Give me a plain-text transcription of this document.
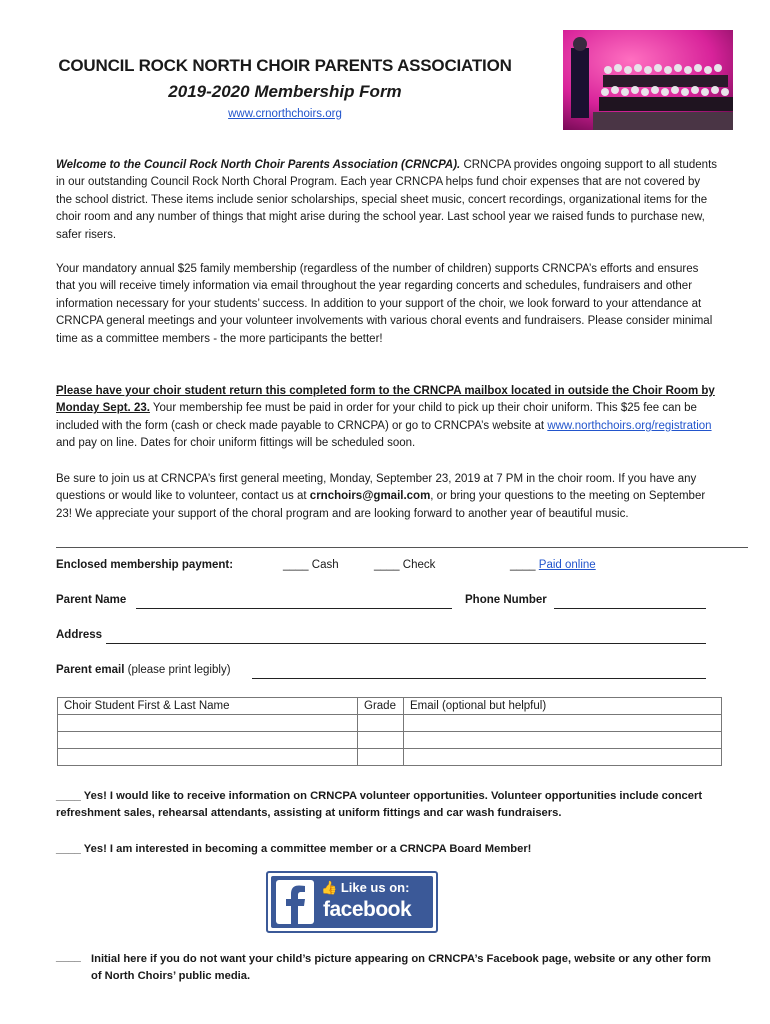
COUNCIL ROCK NORTH CHOIR PARENTS ASSOCIATION
2019-2020 Membership Form
www.crnorthchoirs.org
Welcome to the Council Rock North Choir Parents Association (CRNCPA). CRNCPA provides ongoing support to all students in our outstanding Council Rock North Choral Program. Each year CRNCPA helps fund choir expenses that are not covered by the school district. These items include senior scholarships, special sheet music, concert recordings, organizational items for the choir room and any number of things that might arise during the school year. Last school year we raised funds to purchase new, safer risers.
Your mandatory annual $25 family membership (regardless of the number of children) supports CRNCPA’s efforts and ensures that you will receive timely information via email throughout the year regarding concerts and schedules, fundraisers and other information necessary for your students’ success. In addition to your support of the choir, we look forward to your attendance at CRNCPA general meetings and your volunteer involvements with various choral events and fundraisers. Please consider minimal time as a committee members - the more participants the better!
Please have your choir student return this completed form to the CRNCPA mailbox located in outside the Choir Room by Monday Sept. 23. Your membership fee must be paid in order for your child to pick up their choir uniform. This $25 fee can be included with the form (cash or check made payable to CRNCPA) or go to CRNCPA’s website at www.northchoirs.org/registration and pay on line. Dates for choir uniform fittings will be scheduled soon.
Be sure to join us at CRNCPA’s first general meeting, Monday, September 23, 2019 at 7 PM in the choir room. If you have any questions or would like to volunteer, contact us at crnchoirs@gmail.com, or bring your questions to the meeting on September 23! We appreciate your support of the choral program and are looking forward to another year of beautiful music.
Enclosed membership payment:	____ Cash	____ Check	____ Paid online
Parent Name	Phone Number
Address
Parent email (please print legibly)
Choir Student First & Last Name	Grade	Email (optional but helpful)

____ Yes! I would like to receive information on CRNCPA volunteer opportunities. Volunteer opportunities include concert refreshment sales, rehearsal attendants, assisting at uniform fittings and car wash fundraisers.
____ Yes! I am interested in becoming a committee member or a CRNCPA Board Member!
👍 Like us on:
facebook
____ Initial here if you do not want your child’s picture appearing on CRNCPA’s Facebook page, website or any other form of North Choirs’ public media.
